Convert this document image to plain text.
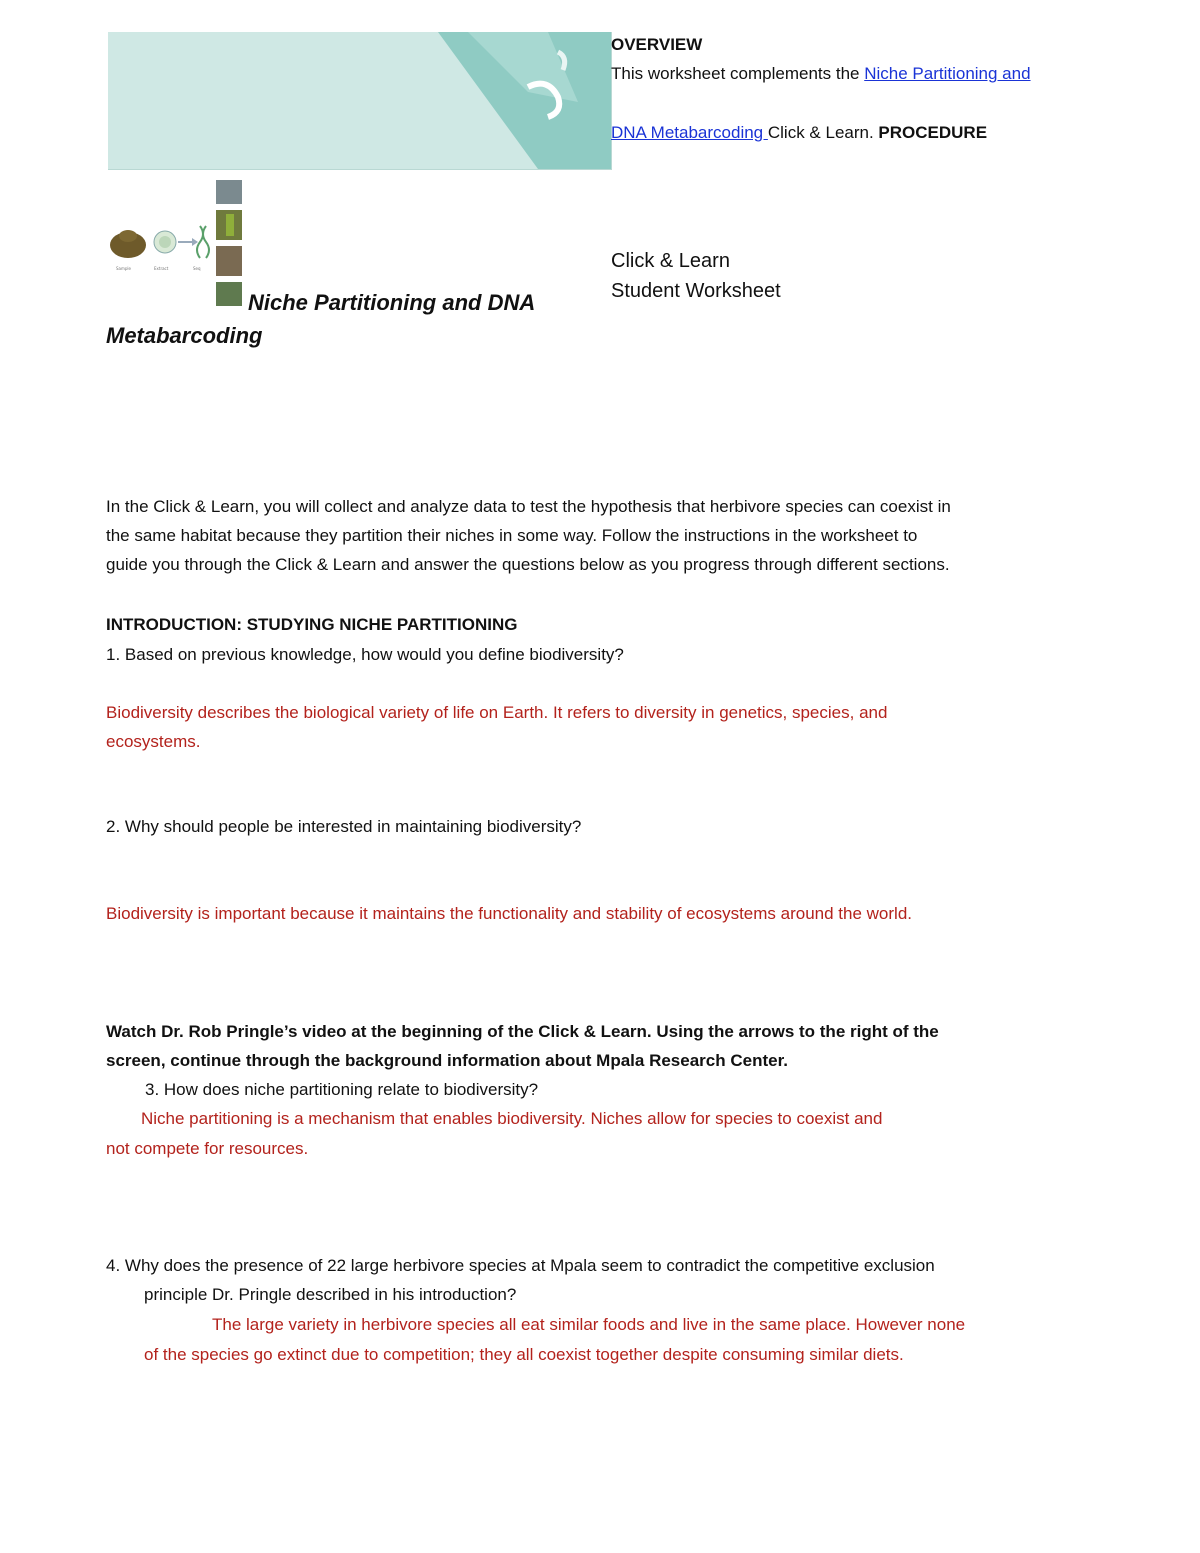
Sample	Extract	Seq
OVERVIEW
This worksheet complements the Niche Partitioning and
DNA Metabarcoding Click & Learn. PROCEDURE
Click & Learn
Student Worksheet
Niche Partitioning and DNA
Metabarcoding
In the Click & Learn, you will collect and analyze data to test the hypothesis that herbivore species can coexist in
the same habitat because they partition their niches in some way. Follow the instructions in the worksheet to
guide you through the Click & Learn and answer the questions below as you progress through different sections.
INTRODUCTION: STUDYING NICHE PARTITIONING
1. Based on previous knowledge, how would you define biodiversity?
Biodiversity describes the biological variety of life on Earth. It refers to diversity in genetics, species, and
ecosystems.
2. Why should people be interested in maintaining biodiversity?
Biodiversity is important because it maintains the functionality and stability of ecosystems around the world.
Watch Dr. Rob Pringle’s video at the beginning of the Click & Learn. Using the arrows to the right of the
screen, continue through the background information about Mpala Research Center.
3. How does niche partitioning relate to biodiversity?
Niche partitioning is a mechanism that enables biodiversity. Niches allow for species to coexist and
not compete for resources.
4. Why does the presence of 22 large herbivore species at Mpala seem to contradict the competitive exclusion
principle Dr. Pringle described in his introduction?
The large variety in herbivore species all eat similar foods and live in the same place. However none
of the species go extinct due to competition; they all coexist together despite consuming similar diets.
